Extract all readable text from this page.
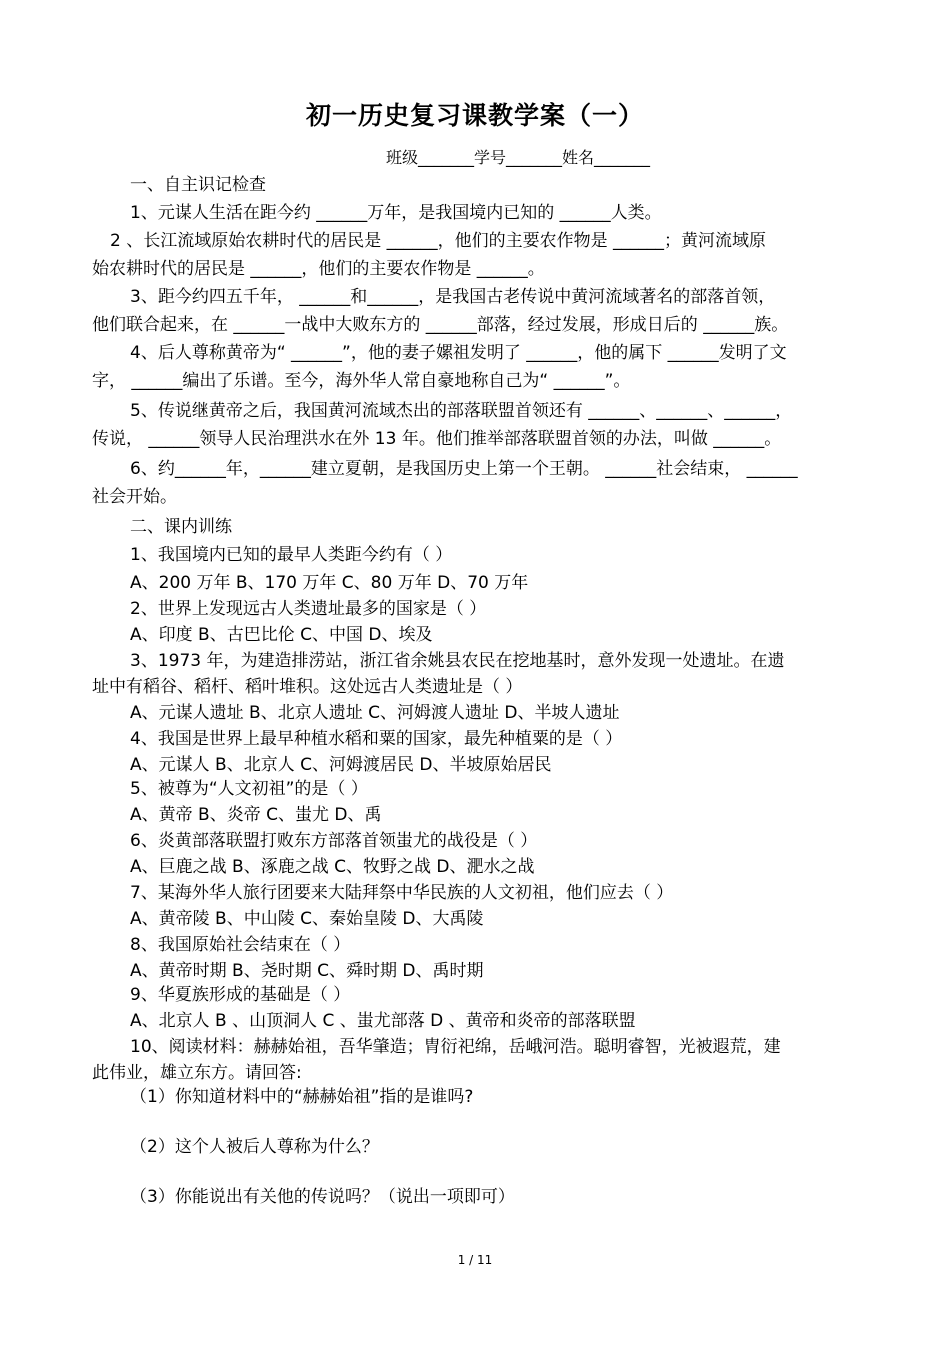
初一历史复习课教学案（一）

班级_______学号_______姓名_______

一、自主识记检查

1、元谋人生活在距今约 ______万年，是我国境内已知的 ______人类。

2 、长江流域原始农耕时代的居民是 ______，他们的主要农作物是 ______；黄河流域原

始农耕时代的居民是 ______，他们的主要农作物是 ______。

3、距今约四五千年， ______和______，是我国古老传说中黄河流域著名的部落首领，

他们联合起来，在 ______一战中大败东方的 ______部落，经过发展，形成日后的 ______族。

4、后人尊称黄帝为“ ______”，他的妻子嫘祖发明了 ______，他的属下 ______发明了文

字， ______编出了乐谱。至今，海外华人常自豪地称自己为“ ______”。

5、传说继黄帝之后，我国黄河流域杰出的部落联盟首领还有 ______、______、______，

传说， ______领导人民治理洪水在外 13 年。他们推举部落联盟首领的办法，叫做 ______。

6、约______年，______建立夏朝，是我国历史上第一个王朝。 ______社会结束， ______

社会开始。

二、课内训练

1、我国境内已知的最早人类距今约有（ ）

A、200 万年 B、170 万年 C、80 万年 D、70 万年

2、世界上发现远古人类遗址最多的国家是（ ）

A、印度 B、古巴比伦 C、中国 D、埃及

3、1973 年，为建造排涝站，浙江省余姚县农民在挖地基时，意外发现一处遗址。在遗

址中有稻谷、稻杆、稻叶堆积。这处远古人类遗址是（ ）

A、元谋人遗址 B、北京人遗址 C、河姆渡人遗址 D、半坡人遗址

4、我国是世界上最早种植水稻和粟的国家，最先种植粟的是（ ）

A、元谋人 B、北京人 C、河姆渡居民 D、半坡原始居民

5、被尊为“人文初祖”的是（ ）

A、黄帝 B、炎帝 C、蚩尤 D、禹

6、炎黄部落联盟打败东方部落首领蚩尤的战役是（ ）

A、巨鹿之战 B、涿鹿之战 C、牧野之战 D、淝水之战

7、某海外华人旅行团要来大陆拜祭中华民族的人文初祖，他们应去（ ）

A、黄帝陵 B、中山陵 C、秦始皇陵 D、大禹陵

8、我国原始社会结束在（ ）

A、黄帝时期 B、尧时期 C、舜时期 D、禹时期

9、华夏族形成的基础是（ ）

A、北京人 B 、山顶洞人 C 、蚩尤部落 D 、黄帝和炎帝的部落联盟

10、阅读材料：赫赫始祖，吾华肇造；胄衍祀绵，岳峨河浩。聪明睿智，光被遐荒，建

此伟业，雄立东方。请回答:

（1）你知道材料中的“赫赫始祖”指的是谁吗?

（2）这个人被后人尊称为什么？

（3）你能说出有关他的传说吗？（说出一项即可）

1 / 11
